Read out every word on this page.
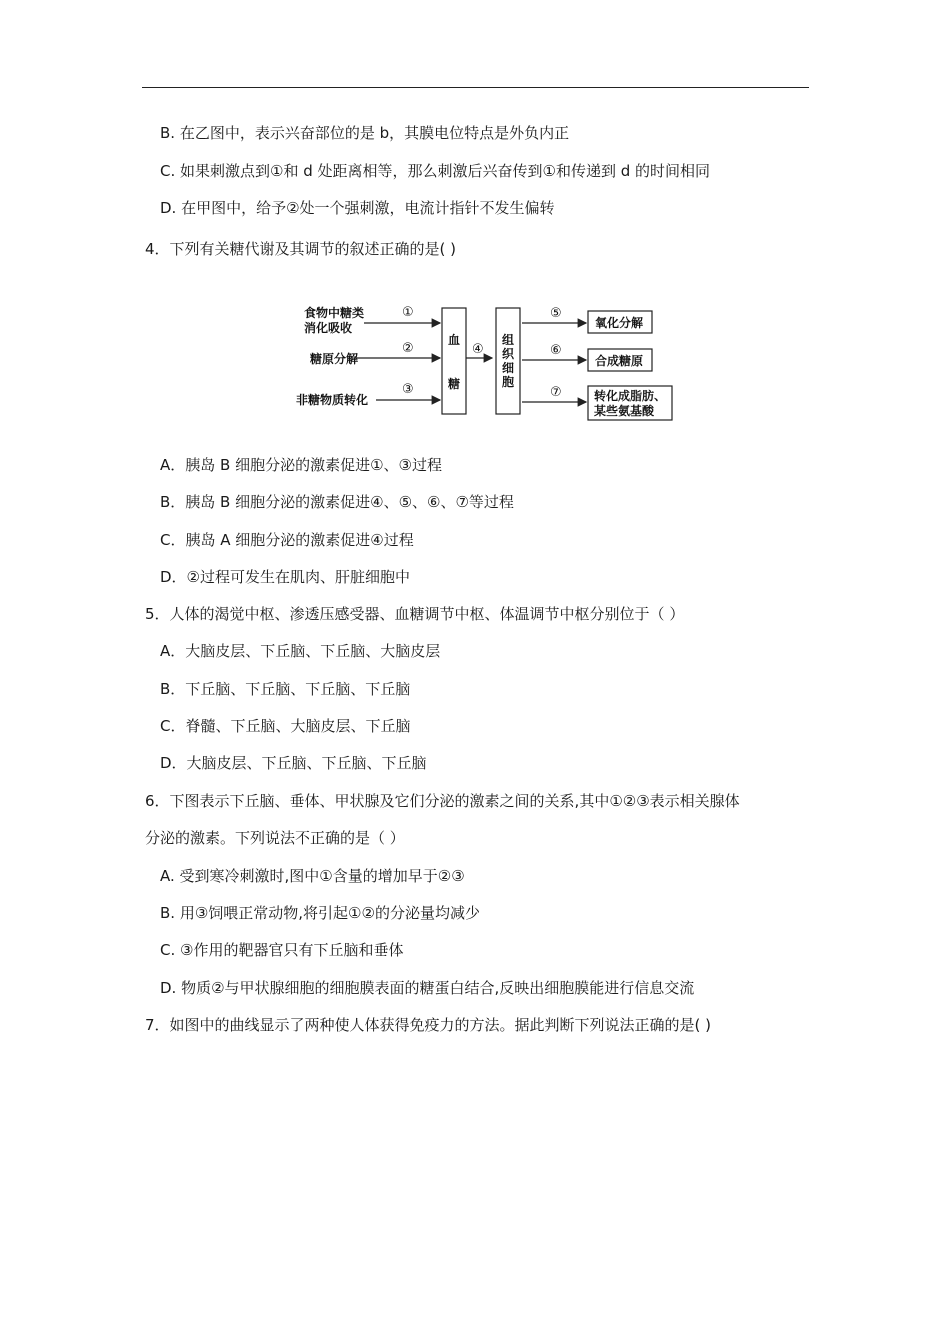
B. 在乙图中，表示兴奋部位的是 b，其膜电位特点是外负内正
C. 如果刺激点到①和 d 处距离相等，那么刺激后兴奋传到①和传递到 d 的时间相同
D. 在甲图中，给予②处一个强刺激，电流计指针不发生偏转
4．下列有关糖代谢及其调节的叙述正确的是( )
食物中糖类
消化吸收
糖原分解
非糖物质转化
①
②
③
④
⑤
⑥
⑦
血
糖
组
织
细
胞
氧化分解
合成糖原
转化成脂肪、
某些氨基酸
A．胰岛 B 细胞分泌的激素促进①、③过程
B．胰岛 B 细胞分泌的激素促进④、⑤、⑥、⑦等过程
C．胰岛 A 细胞分泌的激素促进④过程
D．②过程可发生在肌肉、肝脏细胞中
5．人体的渴觉中枢、渗透压感受器、血糖调节中枢、体温调节中枢分别位于（ ）
A．大脑皮层、下丘脑、下丘脑、大脑皮层
B．下丘脑、下丘脑、下丘脑、下丘脑
C．脊髓、下丘脑、大脑皮层、下丘脑
D．大脑皮层、下丘脑、下丘脑、下丘脑
6．下图表示下丘脑、垂体、甲状腺及它们分泌的激素之间的关系,其中①②③表示相关腺体
分泌的激素。下列说法不正确的是（ ）
A. 受到寒冷刺激时,图中①含量的增加早于②③
B. 用③饲喂正常动物,将引起①②的分泌量均减少
C. ③作用的靶器官只有下丘脑和垂体
D. 物质②与甲状腺细胞的细胞膜表面的糖蛋白结合,反映出细胞膜能进行信息交流
7．如图中的曲线显示了两种使人体获得免疫力的方法。据此判断下列说法正确的是( )
